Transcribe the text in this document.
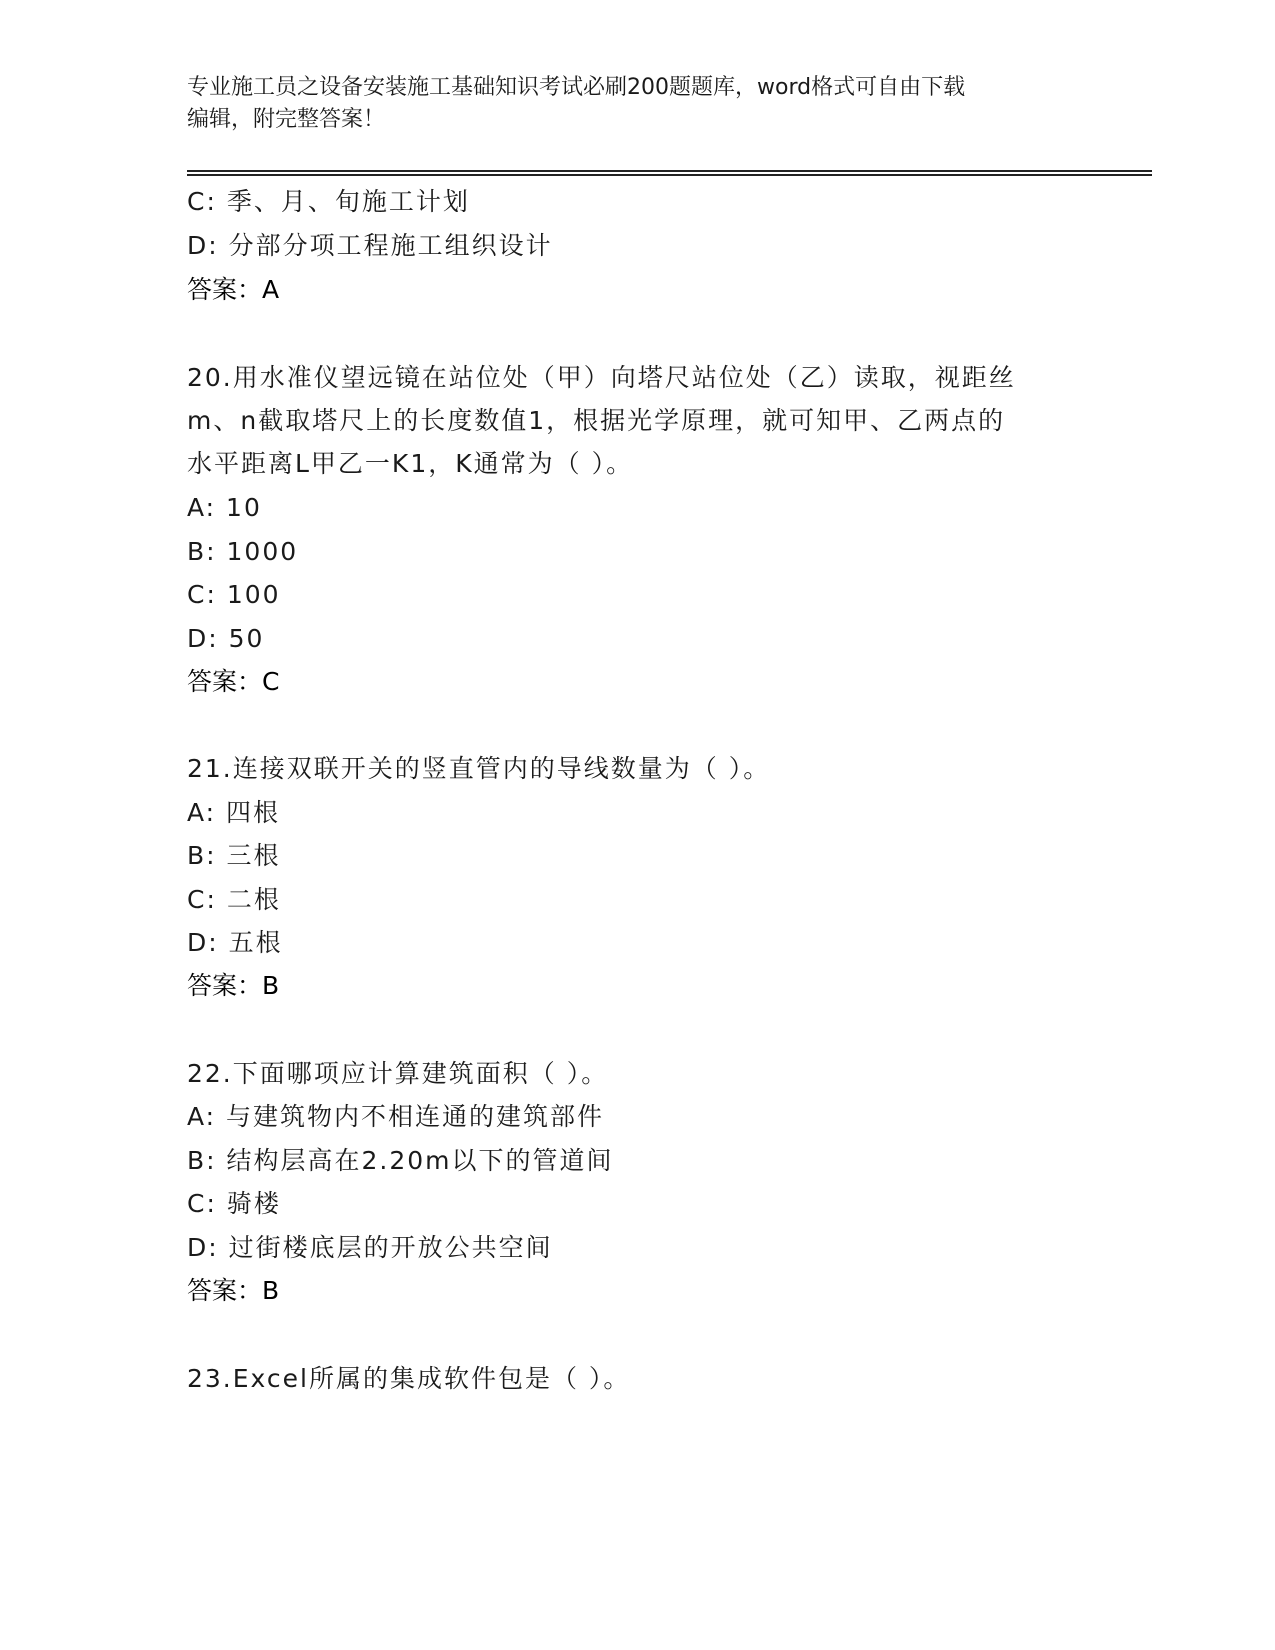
专业施工员之设备安装施工基础知识考试必刷200题题库，word格式可自由下载
编辑，附完整答案！
C: 季、月、旬施工计划
D: 分部分项工程施工组织设计
答案：A
20.用水准仪望远镜在站位处（甲）向塔尺站位处（乙）读取，视距丝
m、n截取塔尺上的长度数值1，根据光学原理，就可知甲、乙两点的
水平距离L甲乙一K1，K通常为（ ）。
A: 10
B: 1000
C: 100
D: 50
答案：C
21.连接双联开关的竖直管内的导线数量为（ ）。
A: 四根
B: 三根
C: 二根
D: 五根
答案：B
22.下面哪项应计算建筑面积（ ）。
A: 与建筑物内不相连通的建筑部件
B: 结构层高在2.20m以下的管道间
C: 骑楼
D: 过街楼底层的开放公共空间
答案：B
23.Excel所属的集成软件包是（ ）。
